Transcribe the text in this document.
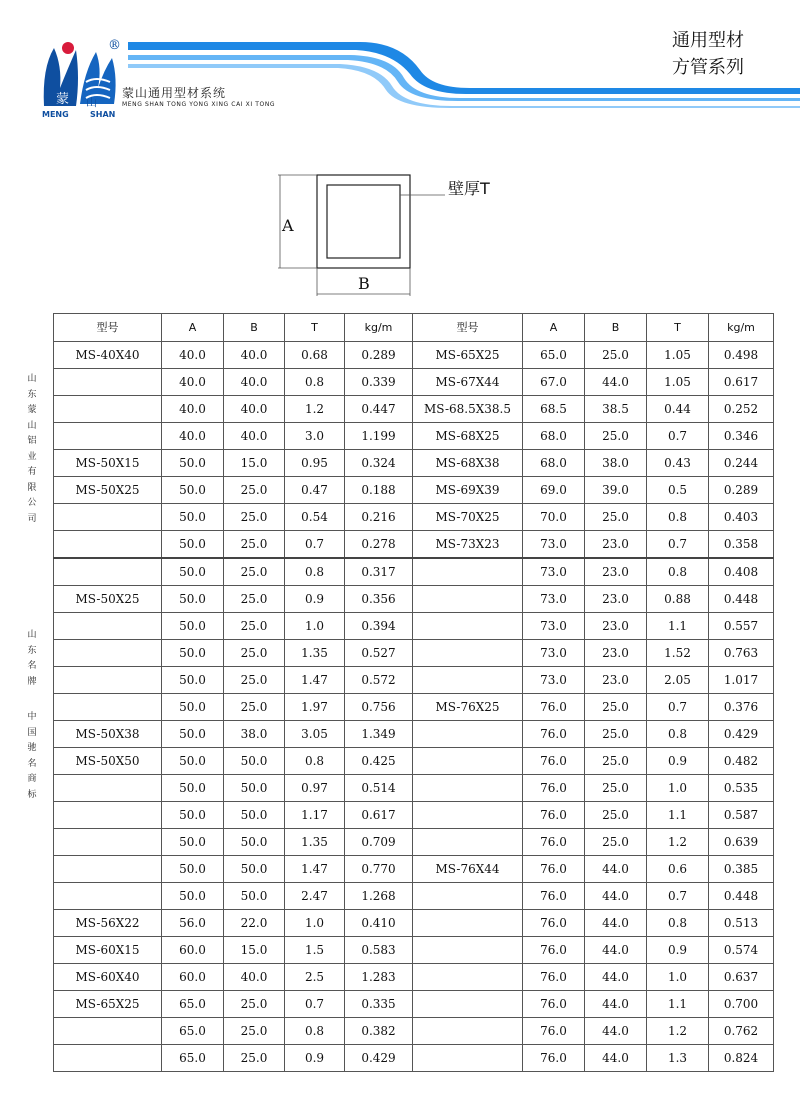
®
蒙 山
MENG	SHAN
蒙山通用型材系统
MENG SHAN TONG YONG XING CAI XI TONG
通用型材
方管系列
A
B
壁厚T
山
东
蒙
山
铝
业
有
限
公
司
山
东
名
牌
中
国
驰
名
商
标
型号	A	B	T	kg/m	型号	A	B	T	kg/m
MS-40X40	40.0	40.0	0.68	0.289	MS-65X25	65.0	25.0	1.05	0.498
	40.0	40.0	0.8	0.339	MS-67X44	67.0	44.0	1.05	0.617
	40.0	40.0	1.2	0.447	MS-68.5X38.5	68.5	38.5	0.44	0.252
	40.0	40.0	3.0	1.199	MS-68X25	68.0	25.0	0.7	0.346
MS-50X15	50.0	15.0	0.95	0.324	MS-68X38	68.0	38.0	0.43	0.244
MS-50X25	50.0	25.0	0.47	0.188	MS-69X39	69.0	39.0	0.5	0.289
	50.0	25.0	0.54	0.216	MS-70X25	70.0	25.0	0.8	0.403
	50.0	25.0	0.7	0.278	MS-73X23	73.0	23.0	0.7	0.358
	50.0	25.0	0.8	0.317		73.0	23.0	0.8	0.408
MS-50X25	50.0	25.0	0.9	0.356		73.0	23.0	0.88	0.448
	50.0	25.0	1.0	0.394		73.0	23.0	1.1	0.557
	50.0	25.0	1.35	0.527		73.0	23.0	1.52	0.763
	50.0	25.0	1.47	0.572		73.0	23.0	2.05	1.017
	50.0	25.0	1.97	0.756	MS-76X25	76.0	25.0	0.7	0.376
MS-50X38	50.0	38.0	3.05	1.349		76.0	25.0	0.8	0.429
MS-50X50	50.0	50.0	0.8	0.425		76.0	25.0	0.9	0.482
	50.0	50.0	0.97	0.514		76.0	25.0	1.0	0.535
	50.0	50.0	1.17	0.617		76.0	25.0	1.1	0.587
	50.0	50.0	1.35	0.709		76.0	25.0	1.2	0.639
	50.0	50.0	1.47	0.770	MS-76X44	76.0	44.0	0.6	0.385
	50.0	50.0	2.47	1.268		76.0	44.0	0.7	0.448
MS-56X22	56.0	22.0	1.0	0.410		76.0	44.0	0.8	0.513
MS-60X15	60.0	15.0	1.5	0.583		76.0	44.0	0.9	0.574
MS-60X40	60.0	40.0	2.5	1.283		76.0	44.0	1.0	0.637
MS-65X25	65.0	25.0	0.7	0.335		76.0	44.0	1.1	0.700
	65.0	25.0	0.8	0.382		76.0	44.0	1.2	0.762
	65.0	25.0	0.9	0.429		76.0	44.0	1.3	0.824
